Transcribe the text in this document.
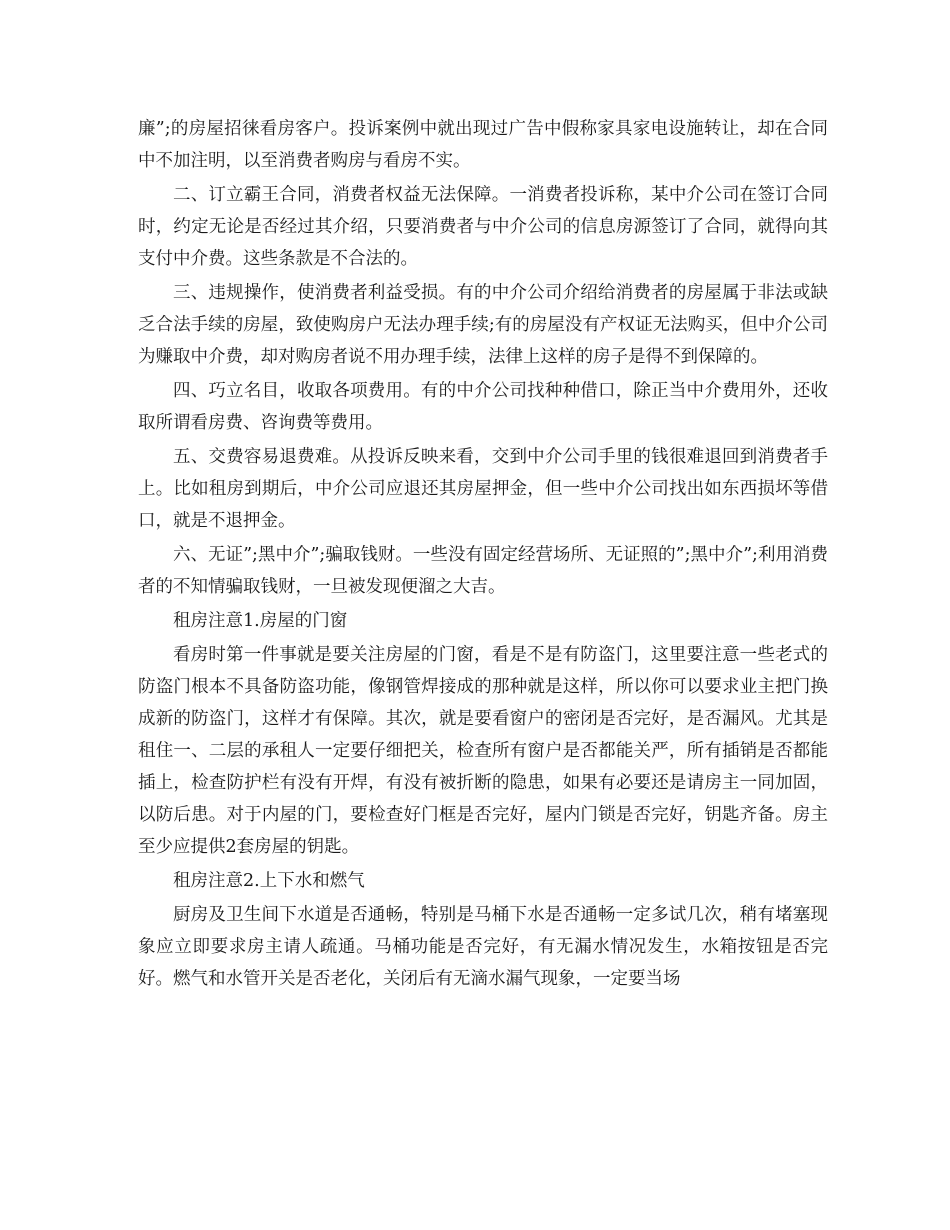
廉”;的房屋招徕看房客户。投诉案例中就出现过广告中假称家具家电设施转让，却在合同中不加注明，以至消费者购房与看房不实。

二、订立霸王合同，消费者权益无法保障。一消费者投诉称，某中介公司在签订合同时，约定无论是否经过其介绍，只要消费者与中介公司的信息房源签订了合同，就得向其支付中介费。这些条款是不合法的。

三、违规操作，使消费者利益受损。有的中介公司介绍给消费者的房屋属于非法或缺乏合法手续的房屋，致使购房户无法办理手续;有的房屋没有产权证无法购买，但中介公司为赚取中介费，却对购房者说不用办理手续，法律上这样的房子是得不到保障的。

四、巧立名目，收取各项费用。有的中介公司找种种借口，除正当中介费用外，还收取所谓看房费、咨询费等费用。

五、交费容易退费难。从投诉反映来看，交到中介公司手里的钱很难退回到消费者手上。比如租房到期后，中介公司应退还其房屋押金，但一些中介公司找出如东西损坏等借口，就是不退押金。

六、无证”;黑中介”;骗取钱财。一些没有固定经营场所、无证照的”;黑中介”;利用消费者的不知情骗取钱财，一旦被发现便溜之大吉。

租房注意1.房屋的门窗

看房时第一件事就是要关注房屋的门窗，看是不是有防盗门，这里要注意一些老式的防盗门根本不具备防盗功能，像钢管焊接成的那种就是这样，所以你可以要求业主把门换成新的防盗门，这样才有保障。其次，就是要看窗户的密闭是否完好，是否漏风。尤其是租住一、二层的承租人一定要仔细把关，检查所有窗户是否都能关严，所有插销是否都能插上，检查防护栏有没有开焊，有没有被折断的隐患，如果有必要还是请房主一同加固，以防后患。对于内屋的门，要检查好门框是否完好，屋内门锁是否完好，钥匙齐备。房主至少应提供2套房屋的钥匙。

租房注意2.上下水和燃气

厨房及卫生间下水道是否通畅，特别是马桶下水是否通畅一定多试几次，稍有堵塞现象应立即要求房主请人疏通。马桶功能是否完好，有无漏水情况发生，水箱按钮是否完好。燃气和水管开关是否老化，关闭后有无滴水漏气现象，一定要当场
